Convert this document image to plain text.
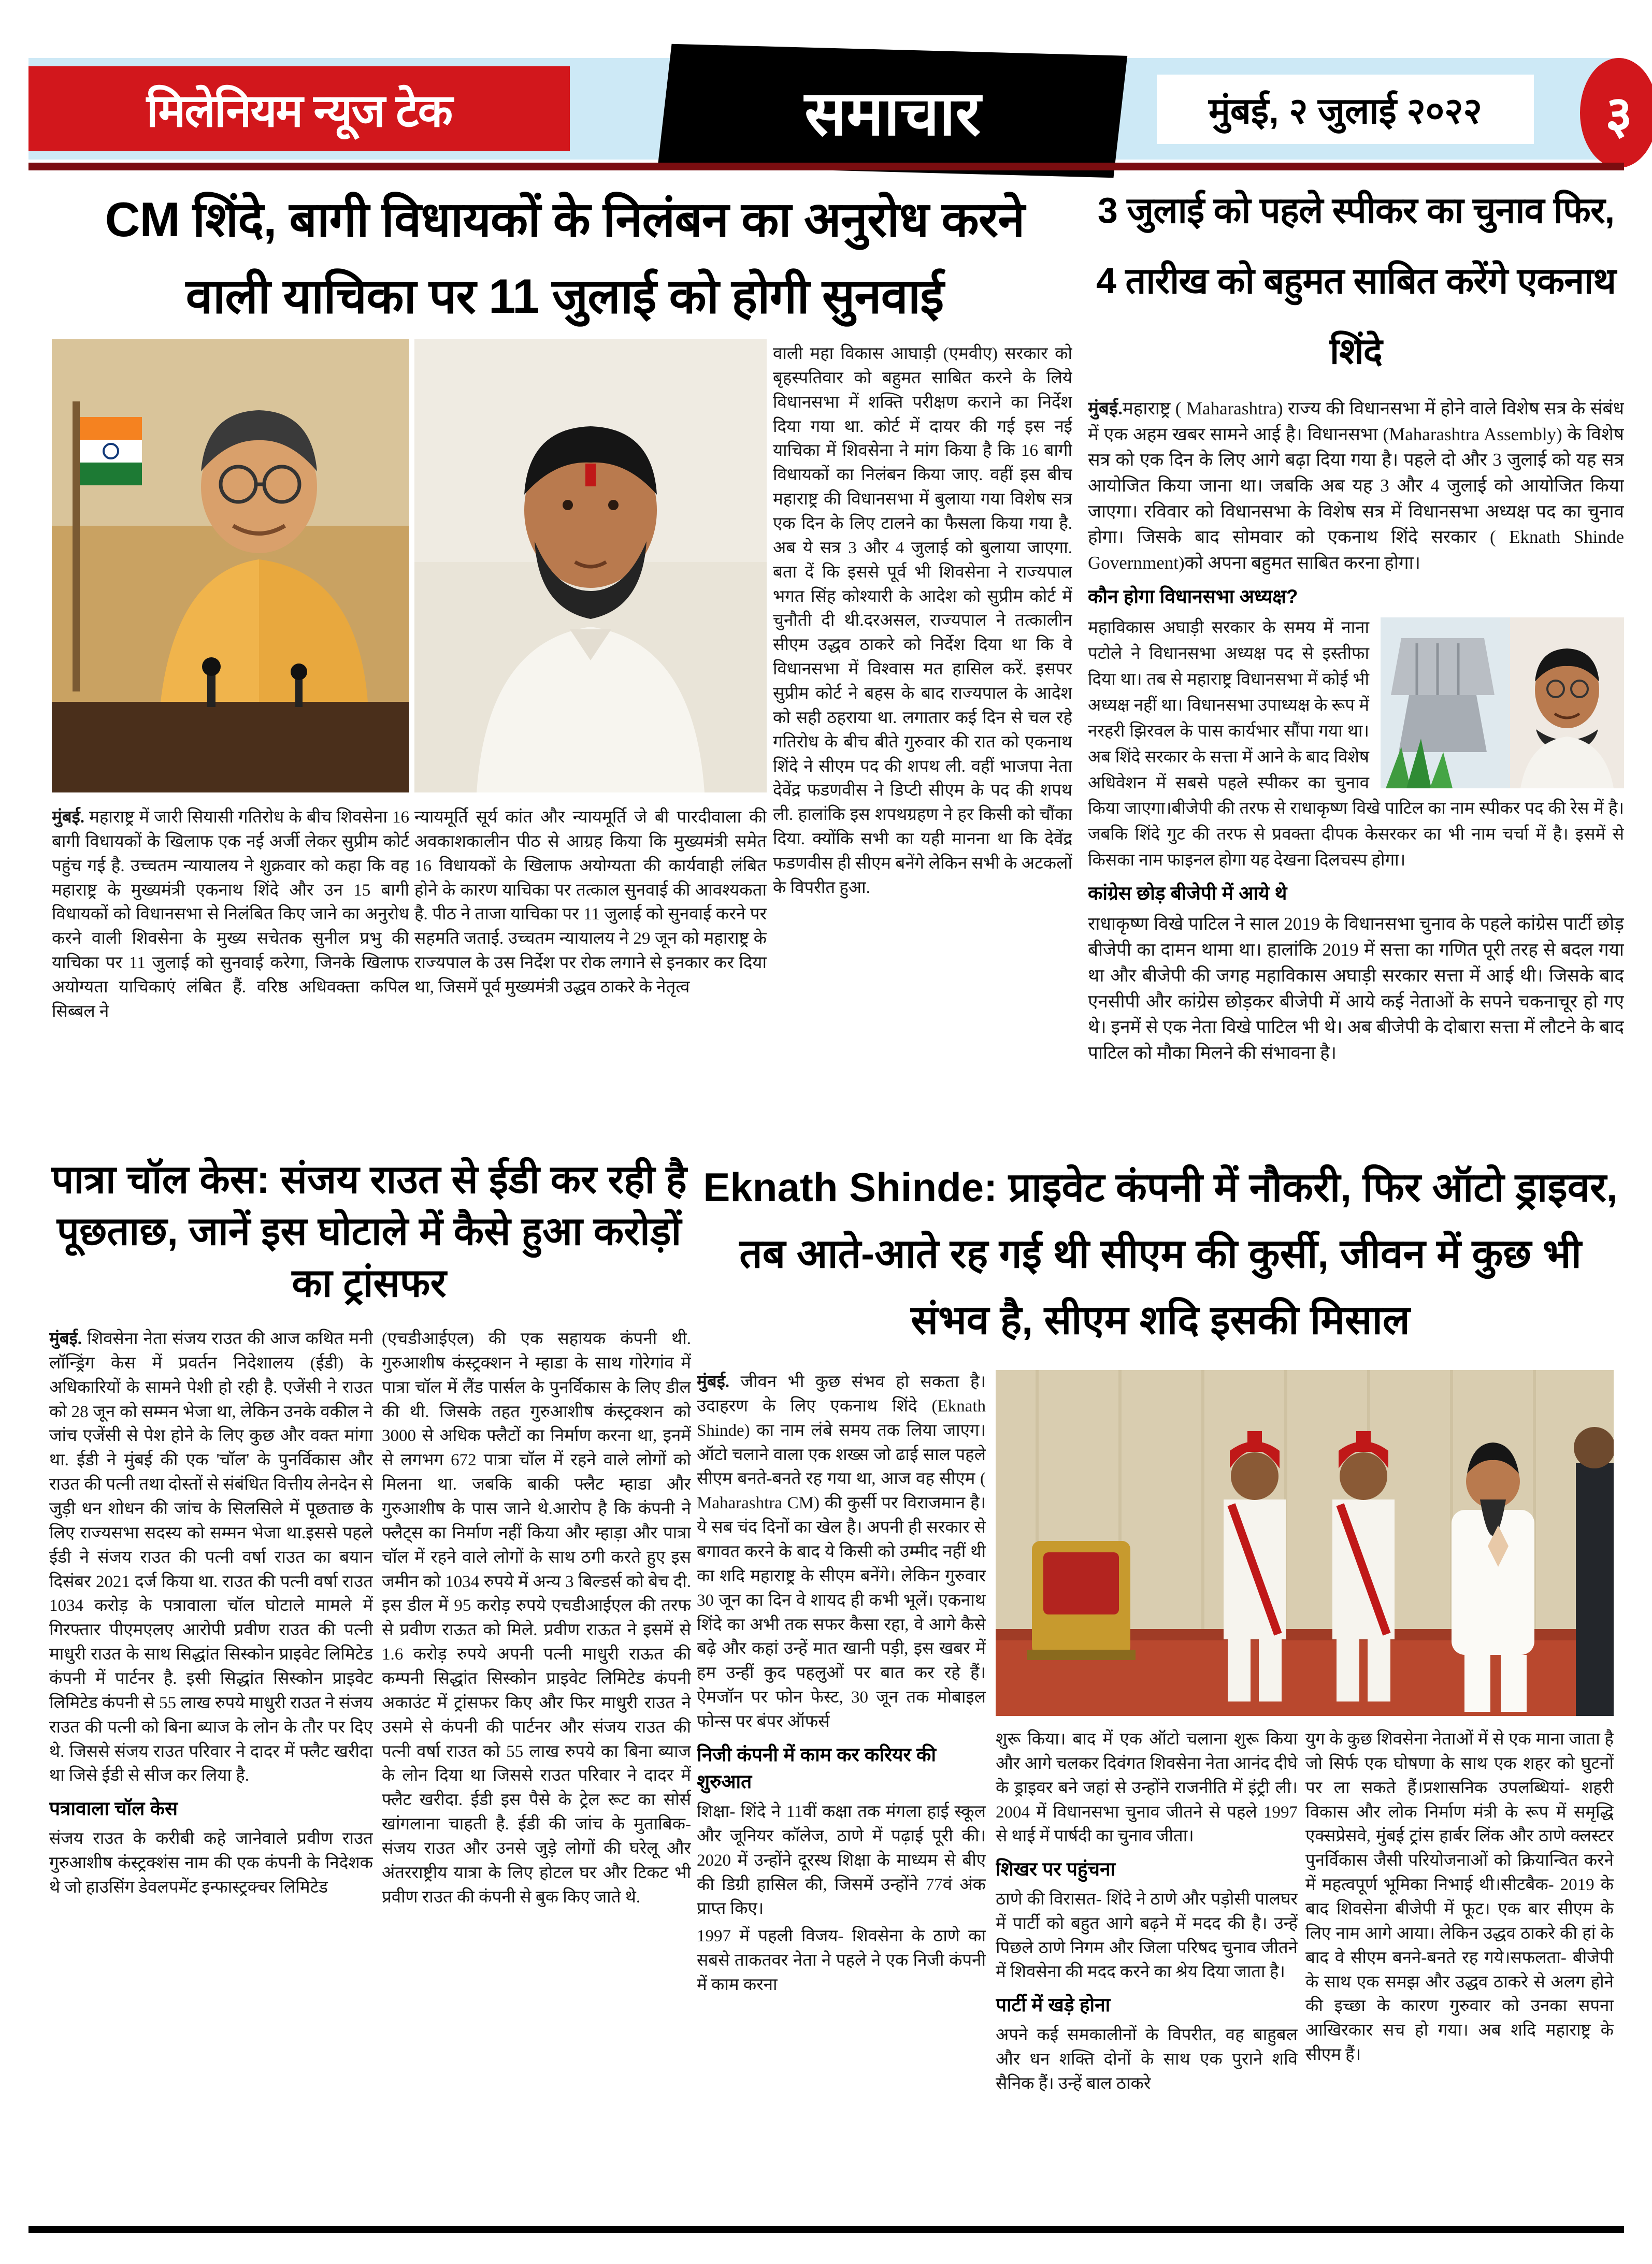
मिलेनियम न्यूज टेक	समाचार	मुंबई, २ जुलाई २०२२	३
CM शिंदे, बागी विधायकों के निलंबन का अनुरोध करने वाली याचिका पर 11 जुलाई को होगी सुनवाई
मुंबई. महाराष्ट्र में जारी सियासी गतिरोध के बीच शिवसेना 16 बागी विधायकों के खिलाफ एक नई अर्जी लेकर सुप्रीम कोर्ट पहुंच गई है. उच्चतम न्यायालय ने शुक्रवार को कहा कि वह महाराष्ट्र के मुख्यमंत्री एकनाथ शिंदे और उन 15 बागी विधायकों को विधानसभा से निलंबित किए जाने का अनुरोध करने वाली शिवसेना के मुख्य सचेतक सुनील प्रभु की याचिका पर 11 जुलाई को सुनवाई करेगा, जिनके खिलाफ अयोग्यता याचिकाएं लंबित हैं. वरिष्ठ अधिवक्ता कपिल सिब्बल ने
न्यायमूर्ति सूर्य कांत और न्यायमूर्ति जे बी पारदीवाला की अवकाशकालीन पीठ से आग्रह किया कि मुख्यमंत्री समेत 16 विधायकों के खिलाफ अयोग्यता की कार्यवाही लंबित होने के कारण याचिका पर तत्काल सुनवाई की आवश्यकता है. पीठ ने ताजा याचिका पर 11 जुलाई को सुनवाई करने पर सहमति जताई. उच्चतम न्यायालय ने 29 जून को महाराष्ट्र के राज्यपाल के उस निर्देश पर रोक लगाने से इनकार कर दिया था, जिसमें पूर्व मुख्यमंत्री उद्धव ठाकरे के नेतृत्व
वाली महा विकास आघाड़ी (एमवीए) सरकार को बृहस्पतिवार को बहुमत साबित करने के लिये विधानसभा में शक्ति परीक्षण कराने का निर्देश दिया गया था. कोर्ट में दायर की गई इस नई याचिका में शिवसेना ने मांग किया है कि 16 बागी विधायकों का निलंबन किया जाए. वहीं इस बीच महाराष्ट्र की विधानसभा में बुलाया गया विशेष सत्र एक दिन के लिए टालने का फैसला किया गया है. अब ये सत्र 3 और 4 जुलाई को बुलाया जाएगा. बता दें कि इससे पूर्व भी शिवसेना ने राज्यपाल भगत सिंह कोश्यारी के आदेश को सुप्रीम कोर्ट में चुनौती दी थी.दरअसल, राज्यपाल ने तत्कालीन सीएम उद्धव ठाकरे को निर्देश दिया था कि वे विधानसभा में विश्वास मत हासिल करें. इसपर सुप्रीम कोर्ट ने बहस के बाद राज्यपाल के आदेश को सही ठहराया था. लगातार कई दिन से चल रहे गतिरोध के बीच बीते गुरुवार की रात को एकनाथ शिंदे ने सीएम पद की शपथ ली. वहीं भाजपा नेता देवेंद्र फडणवीस ने डिप्टी सीएम के पद की शपथ ली. हालांकि इस शपथग्रहण ने हर किसी को चौंका दिया. क्योंकि सभी का यही मानना था कि देवेंद्र फडणवीस ही सीएम बनेंगे लेकिन सभी के अटकलों के विपरीत हुआ.
3 जुलाई को पहले स्पीकर का चुनाव फिर, 4 तारीख को बहुमत साबित करेंगे एकनाथ शिंदे

मुंबई.महाराष्ट्र ( Maharashtra) राज्य की विधानसभा में होने वाले विशेष सत्र के संबंध में एक अहम खबर सामने आई है। विधानसभा (Maharashtra Assembly) के विशेष सत्र को एक दिन के लिए आगे बढ़ा दिया गया है। पहले दो और 3 जुलाई को यह सत्र आयोजित किया जाना था। जबकि अब यह 3 और 4 जुलाई को आयोजित किया जाएगा। रविवार को विधानसभा के विशेष सत्र में विधानसभा अध्यक्ष पद का चुनाव होगा। जिसके बाद सोमवार को एकनाथ शिंदे सरकार ( Eknath Shinde Government)को अपना बहुमत साबित करना होगा।

कौन होगा विधानसभा अध्यक्ष?
महाविकास अघाड़ी सरकार के समय में नाना पटोले ने विधानसभा अध्यक्ष पद से इस्तीफा दिया था। तब से महाराष्ट्र विधानसभा में कोई भी अध्यक्ष नहीं था। विधानसभा उपाध्यक्ष के रूप में नरहरी झिरवल के पास कार्यभार सौंपा गया था। अब शिंदे सरकार के सत्ता में आने के बाद विशेष अधिवेशन में सबसे पहले स्पीकर का चुनाव किया जाएगा।बीजेपी की तरफ से राधाकृष्ण विखे पाटिल का नाम स्पीकर पद की रेस में है। जबकि शिंदे गुट की तरफ से प्रवक्ता दीपक केसरकर का भी नाम चर्चा में है। इसमें से किसका नाम फाइनल होगा यह देखना दिलचस्प होगा।
कांग्रेस छोड़ बीजेपी में आये थे

राधाकृष्ण विखे पाटिल ने साल 2019 के विधानसभा चुनाव के पहले कांग्रेस पार्टी छोड़ बीजेपी का दामन थामा था। हालांकि 2019 में सत्ता का गणित पूरी तरह से बदल गया था और बीजेपी की जगह महाविकास अघाड़ी सरकार सत्ता में आई थी। जिसके बाद एनसीपी और कांग्रेस छोड़कर बीजेपी में आये कई नेताओं के सपने चकनाचूर हो गए थे। इनमें से एक नेता विखे पाटिल भी थे। अब बीजेपी के दोबारा सत्ता में लौटने के बाद पाटिल को मौका मिलने की संभावना है।

पात्रा चॉल केस: संजय राउत से ईडी कर रही है पूछताछ, जानें इस घोटाले में कैसे हुआ करोड़ों का ट्रांसफर

मुंबई. शिवसेना नेता संजय राउत की आज कथित मनी लॉन्ड्रिंग केस में प्रवर्तन निदेशालय (ईडी) के अधिकारियों के सामने पेशी हो रही है. एजेंसी ने राउत को 28 जून को सम्मन भेजा था, लेकिन उनके वकील ने जांच एजेंसी से पेश होने के लिए कुछ और वक्त मांगा था. ईडी ने मुंबई की एक 'चॉल' के पुनर्विकास और राउत की पत्नी तथा दोस्तों से संबंधित वित्तीय लेनदेन से जुड़ी धन शोधन की जांच के सिलसिले में पूछताछ के लिए राज्यसभा सदस्य को सम्मन भेजा था.इससे पहले ईडी ने संजय राउत की पत्नी वर्षा राउत का बयान दिसंबर 2021 दर्ज किया था. राउत की पत्नी वर्षा राउत 1034 करोड़ के पत्रावाला चॉल घोटाले मामले में गिरफ्तार पीएमएलए आरोपी प्रवीण राउत की पत्नी माधुरी राउत के साथ सिद्धांत सिस्कोन प्राइवेट लिमिटेड कंपनी में पार्टनर है. इसी सिद्धांत सिस्कोन प्राइवेट लिमिटेड कंपनी से 55 लाख रुपये माधुरी राउत ने संजय राउत की पत्नी को बिना ब्याज के लोन के तौर पर दिए थे. जिससे संजय राउत परिवार ने दादर में फ्लैट खरीदा था जिसे ईडी से सीज कर लिया है.

पत्रावाला चॉल केस

संजय राउत के करीबी कहे जानेवाले प्रवीण राउत गुरुआशीष कंस्ट्रक्शंस नाम की एक कंपनी के निदेशक थे जो हाउसिंग डेवलपमेंट इन्फास्ट्रक्चर लिमिटेड

(एचडीआईएल) की एक सहायक कंपनी थी. गुरुआशीष कंस्ट्रक्शन ने म्हाडा के साथ गोरेगांव में पात्रा चॉल में लैंड पार्सल के पुनर्विकास के लिए डील की थी. जिसके तहत गुरुआशीष कंस्ट्रक्शन को 3000 से अधिक फ्लैटों का निर्माण करना था, इनमें से लगभग 672 पात्रा चॉल में रहने वाले लोगों को मिलना था. जबकि बाकी फ्लैट म्हाडा और गुरुआशीष के पास जाने थे.आरोप है कि कंपनी ने फ्लैट्स का निर्माण नहीं किया और म्हाड़ा और पात्रा चॉल में रहने वाले लोगों के साथ ठगी करते हुए इस जमीन को 1034 रुपये में अन्य 3 बिल्डर्स को बेच दी. इस डील में 95 करोड़ रुपये एचडीआईएल की तरफ से प्रवीण राऊत को मिले. प्रवीण राऊत ने इसमें से 1.6 करोड़ रुपये अपनी पत्नी माधुरी राऊत की कम्पनी सिद्धांत सिस्कोन प्राइवेट लिमिटेड कंपनी अकाउंट में ट्रांसफर किए और फिर माधुरी राउत ने उसमे से कंपनी की पार्टनर और संजय राउत की पत्नी वर्षा राउत को 55 लाख रुपये का बिना ब्याज के लोन दिया था जिससे राउत परिवार ने दादर में फ्लैट खरीदा. ईडी इस पैसे के ट्रेल रूट का सोर्स खांगलाना चाहती है. ईडी की जांच के मुताबिक- संजय राउत और उनसे जुड़े लोगों की घरेलू और अंतरराष्ट्रीय यात्रा के लिए होटल घर और टिकट भी प्रवीण राउत की कंपनी से बुक किए जाते थे.
Eknath Shinde: प्राइवेट कंपनी में नौकरी, फिर ऑटो ड्राइवर, तब आते-आते रह गई थी सीएम की कुर्सी, जीवन में कुछ भी संभव है, सीएम शदि इसकी मिसाल

मुंबई. जीवन भी कुछ संभव हो सकता है। उदाहरण के लिए एकनाथ शिंदे (Eknath Shinde) का नाम लंबे समय तक लिया जाएग। ऑटो चलाने वाला एक शख्स जो ढाई साल पहले सीएम बनते-बनते रह गया था, आज वह सीएम ( Maharashtra CM) की कुर्सी पर विराजमान है। ये सब चंद दिनों का खेल है। अपनी ही सरकार से बगावत करने के बाद ये किसी को उम्मीद नहीं थी का शदि महाराष्ट्र के सीएम बनेंगे। लेकिन गुरुवार 30 जून का दिन वे शायद ही कभी भूलें। एकनाथ शिंदे का अभी तक सफर कैसा रहा, वे आगे कैसे बढ़े और कहां उन्हें मात खानी पड़ी, इस खबर में हम उन्हीं कुद पहलुओं पर बात कर रहे हैं।ऐमजॉन पर फोन फेस्ट, 30 जून तक मोबाइल फोन्स पर बंपर ऑफर्स

निजी कंपनी में काम कर करियर की शुरुआत

शिक्षा- शिंदे ने 11वीं कक्षा तक मंगला हाई स्कूल और जूनियर कॉलेज, ठाणे में पढ़ाई पूरी की। 2020 में उन्होंने दूरस्थ शिक्षा के माध्यम से बीए की डिग्री हासिल की, जिसमें उन्होंने 77वं अंक प्राप्त किए।

1997 में पहली विजय- शिवसेना के ठाणे का सबसे ताकतवर नेता ने पहले ने एक निजी कंपनी में काम करना

शुरू किया। बाद में एक ऑटो चलाना शुरू किया और आगे चलकर दिवंगत शिवसेना नेता आनंद दीघे के ड्राइवर बने जहां से उन्होंने राजनीति में इंट्री ली। 2004 में विधानसभा चुनाव जीतने से पहले 1997 से थाई में पार्षदी का चुनाव जीता।

शिखर पर पहुंचना

ठाणे की विरासत- शिंदे ने ठाणे और पड़ोसी पालघर में पार्टी को बहुत आगे बढ़ने में मदद की है। उन्हें पिछले ठाणे निगम और जिला परिषद चुनाव जीतने में शिवसेना की मदद करने का श्रेय दिया जाता है।

पार्टी में खड़े होना

अपने कई समकालीनों के विपरीत, वह बाहुबल और धन शक्ति दोनों के साथ एक पुराने शवि सैनिक हैं। उन्हें बाल ठाकरे

युग के कुछ शिवसेना नेताओं में से एक माना जाता है जो सिर्फ एक घोषणा के साथ एक शहर को घुटनों पर ला सकते हैं।प्रशासनिक उपलब्धियां- शहरी विकास और लोक निर्माण मंत्री के रूप में समृद्धि एक्सप्रेसवे, मुंबई ट्रांस हार्बर लिंक और ठाणे क्लस्टर पुनर्विकास जैसी परियोजनाओं को क्रियान्वित करने में महत्वपूर्ण भूमिका निभाई थी।सीटबैक- 2019 के बाद शिवसेना बीजेपी में फूट। एक बार सीएम के लिए नाम आगे आया। लेकिन उद्धव ठाकरे की हां के बाद वे सीएम बनने-बनते रह गये।सफलता- बीजेपी के साथ एक समझ और उद्धव ठाकरे से अलग होने की इच्छा के कारण गुरुवार को उनका सपना आखिरकार सच हो गया। अब शदि महाराष्ट्र के सीएम हैं।
